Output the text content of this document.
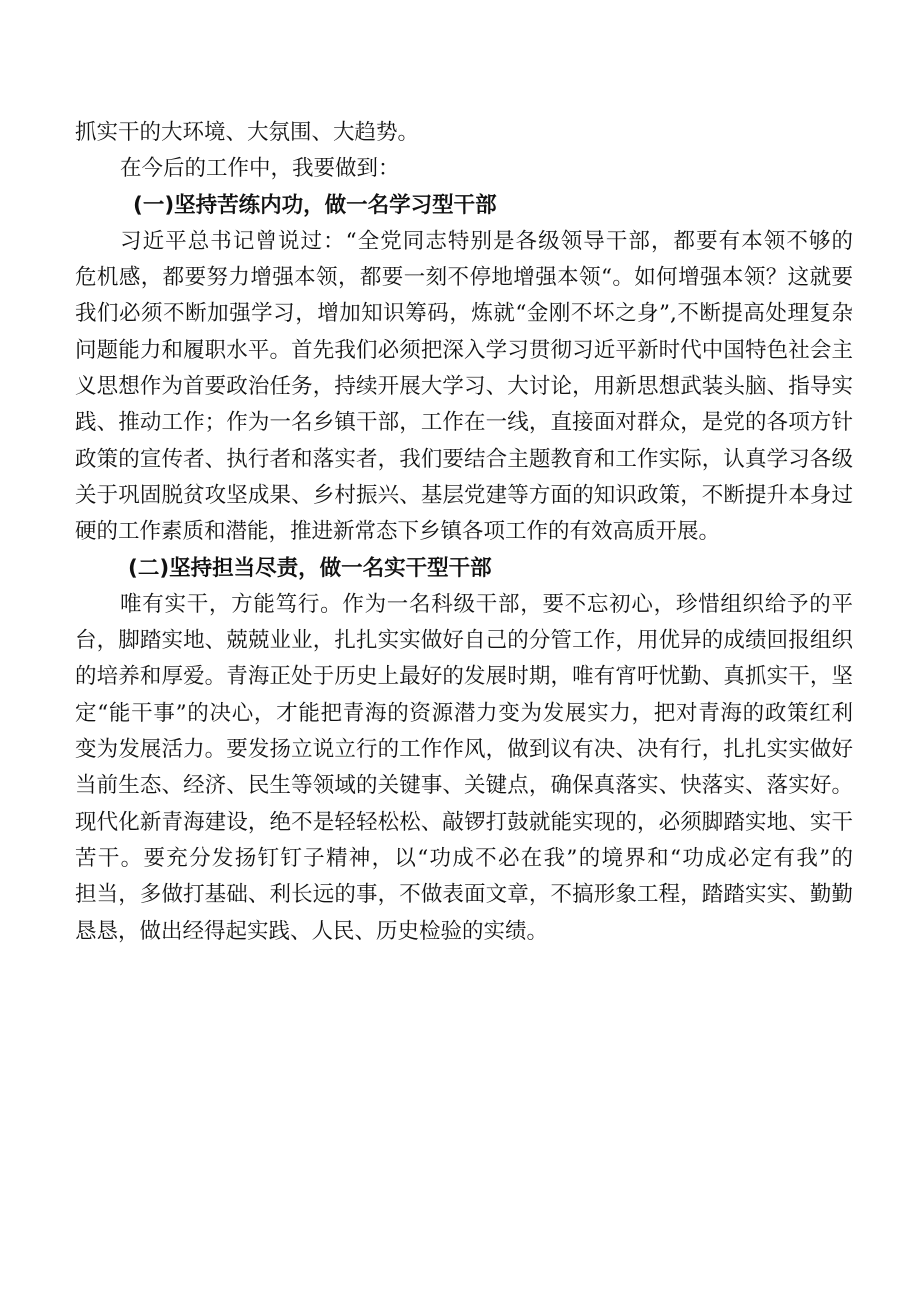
抓实干的大环境、大氛围、大趋势。
在今后的工作中，我要做到：
(一)坚持苦练内功，做一名学习型干部
习近平总书记曾说过：“全党同志特别是各级领导干部，都要有本领不够的
危机感，都要努力增强本领，都要一刻不停地增强本领“。如何增强本领？这就要
我们必须不断加强学习，增加知识筹码，炼就“金刚不坏之身”,不断提高处理复杂
问题能力和履职水平。首先我们必须把深入学习贯彻习近平新时代中国特色社会主
义思想作为首要政治任务，持续开展大学习、大讨论，用新思想武装头脑、指导实
践、推动工作；作为一名乡镇干部，工作在一线，直接面对群众，是党的各项方针
政策的宣传者、执行者和落实者，我们要结合主题教育和工作实际，认真学习各级
关于巩固脱贫攻坚成果、乡村振兴、基层党建等方面的知识政策，不断提升本身过
硬的工作素质和潜能，推进新常态下乡镇各项工作的有效高质开展。
(二)坚持担当尽责，做一名实干型干部
唯有实干，方能笃行。作为一名科级干部，要不忘初心，珍惜组织给予的平
台，脚踏实地、兢兢业业，扎扎实实做好自己的分管工作，用优异的成绩回报组织
的培养和厚爱。青海正处于历史上最好的发展时期，唯有宵吁忧勤、真抓实干，坚
定“能干事”的决心，才能把青海的资源潜力变为发展实力，把对青海的政策红利
变为发展活力。要发扬立说立行的工作作风，做到议有决、决有行，扎扎实实做好
当前生态、经济、民生等领域的关键事、关键点，确保真落实、快落实、落实好。
现代化新青海建设，绝不是轻轻松松、敲锣打鼓就能实现的，必须脚踏实地、实干
苦干。要充分发扬钉钉子精神，以“功成不必在我”的境界和“功成必定有我”的
担当，多做打基础、利长远的事，不做表面文章，不搞形象工程，踏踏实实、勤勤
恳恳，做出经得起实践、人民、历史检验的实绩。
